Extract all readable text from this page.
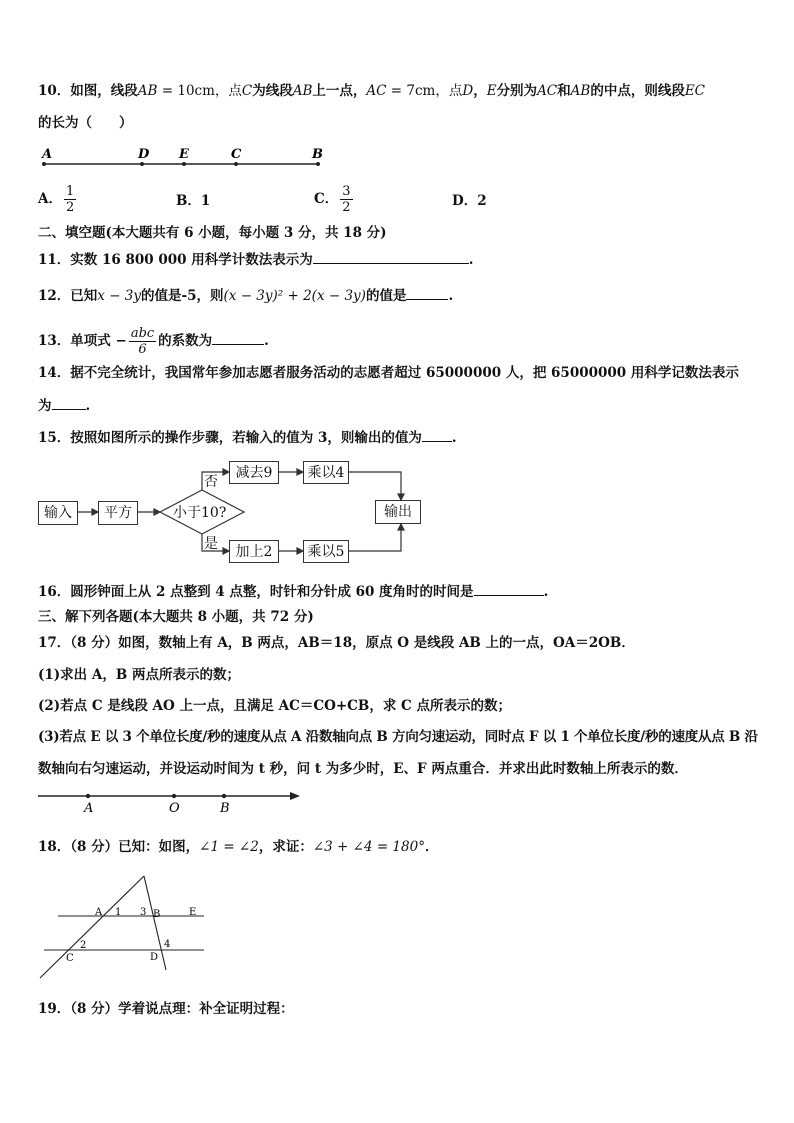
10．如图，线段AB = 10cm，点C为线段AB上一点，AC = 7cm，点D，E分别为AC和AB的中点，则线段EC
的长为（　　）
A	D E	C	B
A． $\frac{1}{2}$	B．1	C． $\frac{3}{2}$	D．2
二、填空题(本大题共有 6 小题，每小题 3 分，共 18 分)
11．实数 16 800 000 用科学计数法表示为	.
12．已知x − 3y的值是-5，则(x − 3y)² + 2(x − 3y)的值是	.
13．单项式 − $\frac{\text{abc}}{6}$ 的系数为	.
14．据不完全统计，我国常年参加志愿者服务活动的志愿者超过 65000000 人，把 65000000 用科学记数法表示
为	.
15．按照如图所示的操作步骤，若输入的值为 3，则输出的值为 .
输入	平方	小于10?
否
是
减去9	乘以4
加上2	乘以5
输出
16．圆形钟面上从 2 点整到 4 点整，时针和分针成 60 度角时的时间是	.
三、解下列各题(本大题共 8 小题，共 72 分)
17．（8 分）如图，数轴上有 A，B 两点，AB＝18，原点 O 是线段 AB 上的一点，OA＝2OB．
(1)求出 A，B 两点所表示的数；
(2)若点 C 是线段 AO 上一点，且满足 AC＝CO+CB，求 C 点所表示的数；
(3)若点 E 以 3 个单位长度/秒的速度从点 A 沿数轴向点 B 方向匀速运动，同时点 F 以 1 个单位长度/秒的速度从点 B 沿
数轴向右匀速运动，并设运动时间为 t 秒，问 t 为多少时，E、F 两点重合．并求出此时数轴上所表示的数．
A	O	B
18．（8 分）已知：如图，∠1 = ∠2，求证：∠3 + ∠4 = 180°．
A 1 3 B	E
2
C	D
4
19．（8 分）学着说点理：补全证明过程：
